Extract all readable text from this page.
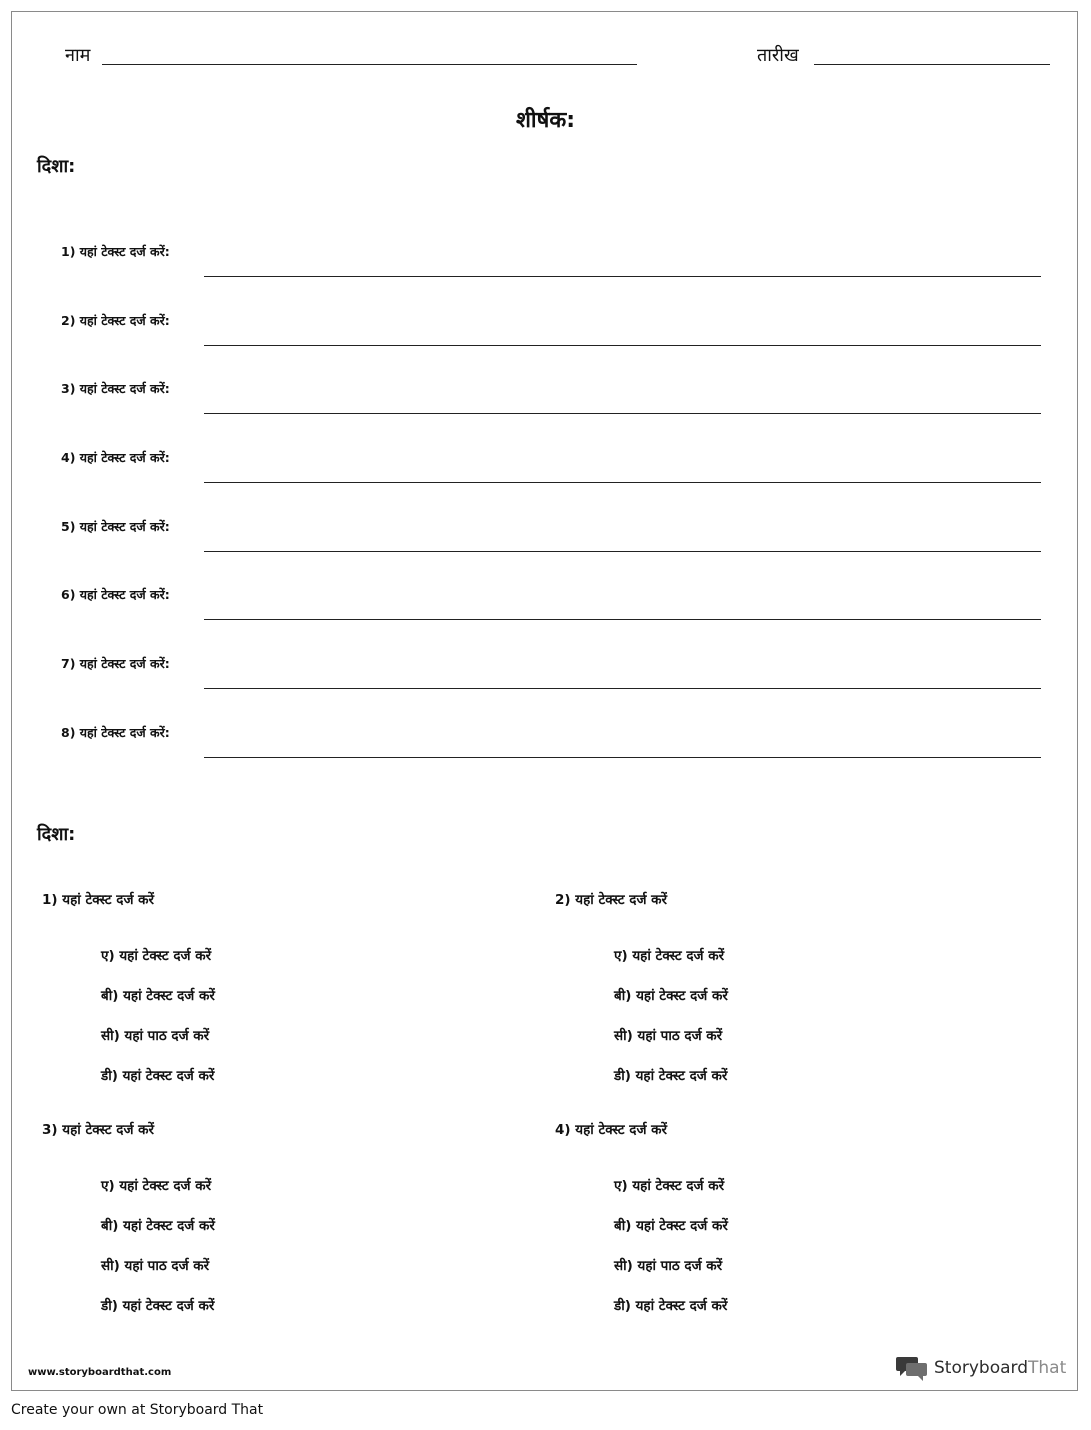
नाम	तारीख
शीर्षक:
दिशा:
1) यहां टेक्स्ट दर्ज करें:
2) यहां टेक्स्ट दर्ज करें:
3) यहां टेक्स्ट दर्ज करें:
4) यहां टेक्स्ट दर्ज करें:
5) यहां टेक्स्ट दर्ज करें:
6) यहां टेक्स्ट दर्ज करें:
7) यहां टेक्स्ट दर्ज करें:
8) यहां टेक्स्ट दर्ज करें:
दिशा:
1) यहां टेक्स्ट दर्ज करें
ए) यहां टेक्स्ट दर्ज करें
बी) यहां टेक्स्ट दर्ज करें
सी) यहां पाठ दर्ज करें
डी) यहां टेक्स्ट दर्ज करें
2) यहां टेक्स्ट दर्ज करें
ए) यहां टेक्स्ट दर्ज करें
बी) यहां टेक्स्ट दर्ज करें
सी) यहां पाठ दर्ज करें
डी) यहां टेक्स्ट दर्ज करें
3) यहां टेक्स्ट दर्ज करें
ए) यहां टेक्स्ट दर्ज करें
बी) यहां टेक्स्ट दर्ज करें
सी) यहां पाठ दर्ज करें
डी) यहां टेक्स्ट दर्ज करें
4) यहां टेक्स्ट दर्ज करें
ए) यहां टेक्स्ट दर्ज करें
बी) यहां टेक्स्ट दर्ज करें
सी) यहां पाठ दर्ज करें
डी) यहां टेक्स्ट दर्ज करें
www.storyboardthat.com	StoryboardThat
Create your own at Storyboard That
